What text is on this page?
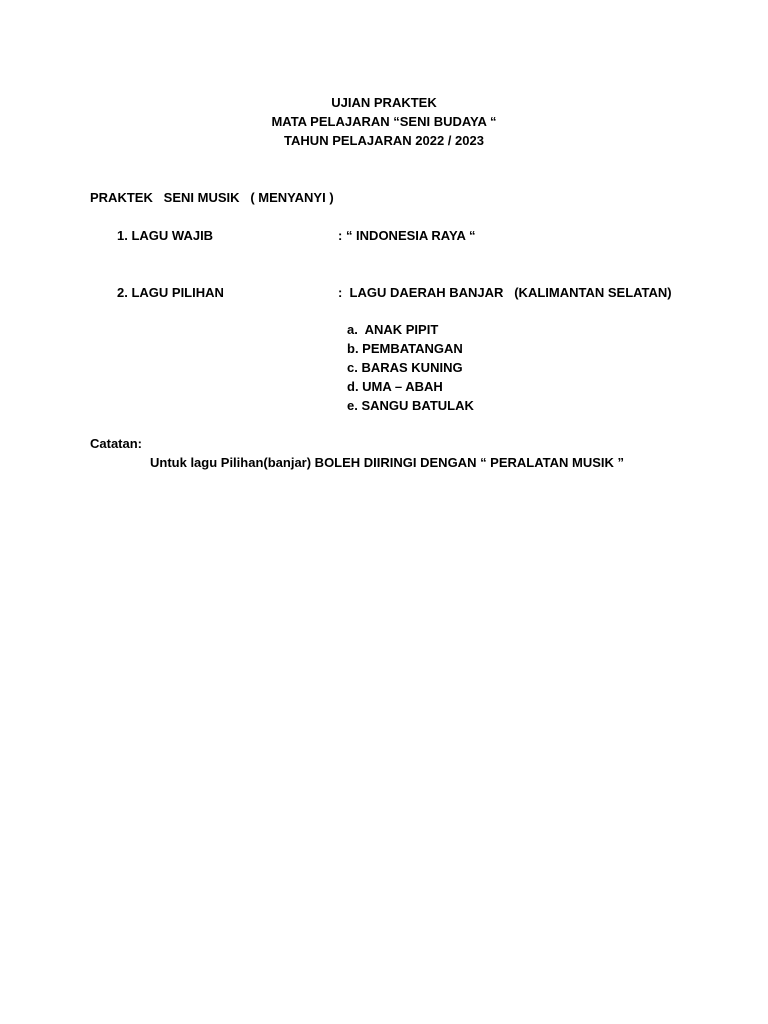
UJIAN PRAKTEK
MATA PELAJARAN “SENI BUDAYA “
TAHUN PELAJARAN 2022 / 2023
PRAKTEK   SENI MUSIK   ( MENYANYI )
1. LAGU WAJIB	: “ INDONESIA RAYA “
2. LAGU PILIHAN	:  LAGU DAERAH BANJAR   (KALIMANTAN SELATAN)
a.  ANAK PIPIT
b. PEMBATANGAN
c. BARAS KUNING
d. UMA – ABAH
e. SANGU BATULAK
Catatan:
Untuk lagu Pilihan(banjar) BOLEH DIIRINGI DENGAN “ PERALATAN MUSIK ”
